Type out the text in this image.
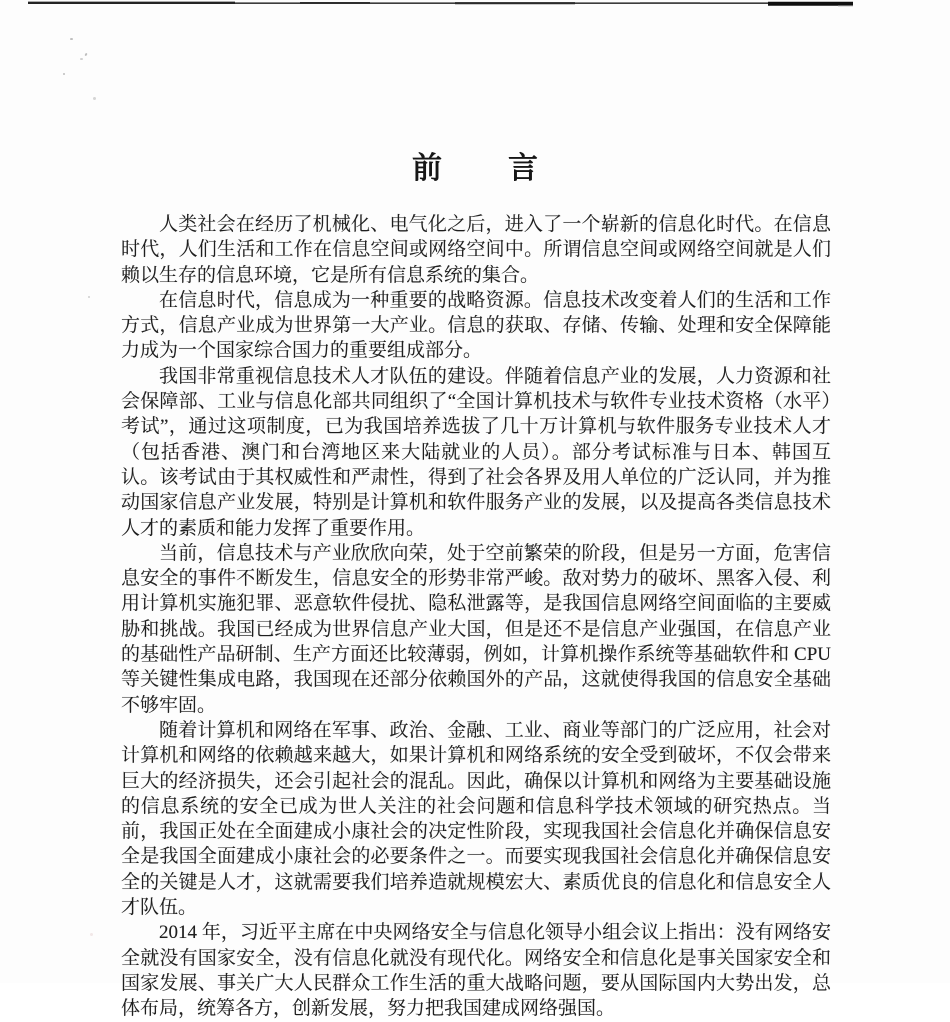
前　　言

人类社会在经历了机械化、电气化之后，进入了一个崭新的信息化时代。在信息时代，人们生活和工作在信息空间或网络空间中。所谓信息空间或网络空间就是人们赖以生存的信息环境，它是所有信息系统的集合。

在信息时代，信息成为一种重要的战略资源。信息技术改变着人们的生活和工作方式，信息产业成为世界第一大产业。信息的获取、存储、传输、处理和安全保障能力成为一个国家综合国力的重要组成部分。

我国非常重视信息技术人才队伍的建设。伴随着信息产业的发展，人力资源和社会保障部、工业与信息化部共同组织了“全国计算机技术与软件专业技术资格（水平）考试”，通过这项制度，已为我国培养选拔了几十万计算机与软件服务专业技术人才（包括香港、澳门和台湾地区来大陆就业的人员）。部分考试标准与日本、韩国互认。该考试由于其权威性和严肃性，得到了社会各界及用人单位的广泛认同，并为推动国家信息产业发展，特别是计算机和软件服务产业的发展，以及提高各类信息技术人才的素质和能力发挥了重要作用。

当前，信息技术与产业欣欣向荣，处于空前繁荣的阶段，但是另一方面，危害信息安全的事件不断发生，信息安全的形势非常严峻。敌对势力的破坏、黑客入侵、利用计算机实施犯罪、恶意软件侵扰、隐私泄露等，是我国信息网络空间面临的主要威胁和挑战。我国已经成为世界信息产业大国，但是还不是信息产业强国，在信息产业的基础性产品研制、生产方面还比较薄弱，例如，计算机操作系统等基础软件和 CPU 等关键性集成电路，我国现在还部分依赖国外的产品，这就使得我国的信息安全基础不够牢固。

随着计算机和网络在军事、政治、金融、工业、商业等部门的广泛应用，社会对计算机和网络的依赖越来越大，如果计算机和网络系统的安全受到破坏，不仅会带来巨大的经济损失，还会引起社会的混乱。因此，确保以计算机和网络为主要基础设施的信息系统的安全已成为世人关注的社会问题和信息科学技术领域的研究热点。当前，我国正处在全面建成小康社会的决定性阶段，实现我国社会信息化并确保信息安全是我国全面建成小康社会的必要条件之一。而要实现我国社会信息化并确保信息安全的关键是人才，这就需要我们培养造就规模宏大、素质优良的信息化和信息安全人才队伍。

2014 年，习近平主席在中央网络安全与信息化领导小组会议上指出：没有网络安全就没有国家安全，没有信息化就没有现代化。网络安全和信息化是事关国家安全和国家发展、事关广大人民群众工作生活的重大战略问题，要从国际国内大势出发，总体布局，统筹各方，创新发展，努力把我国建成网络强国。
